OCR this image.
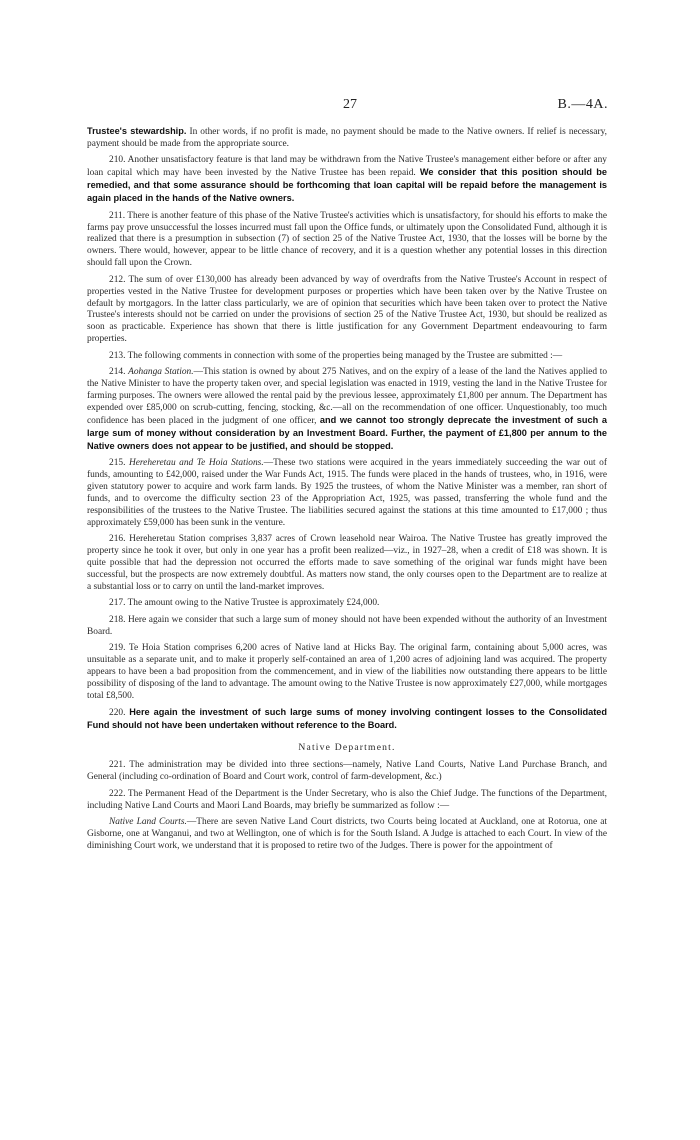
27	B.—4A.

Trustee's stewardship. In other words, if no profit is made, no payment should be made to the Native owners. If relief is necessary, payment should be made from the appropriate source.

210. Another unsatisfactory feature is that land may be withdrawn from the Native Trustee's management either before or after any loan capital which may have been invested by the Native Trustee has been repaid. We consider that this position should be remedied, and that some assurance should be forthcoming that loan capital will be repaid before the management is again placed in the hands of the Native owners.

211. There is another feature of this phase of the Native Trustee's activities which is unsatisfactory, for should his efforts to make the farms pay prove unsuccessful the losses incurred must fall upon the Office funds, or ultimately upon the Consolidated Fund, although it is realized that there is a presumption in subsection (7) of section 25 of the Native Trustee Act, 1930, that the losses will be borne by the owners. There would, however, appear to be little chance of recovery, and it is a question whether any potential losses in this direction should fall upon the Crown.

212. The sum of over £130,000 has already been advanced by way of overdrafts from the Native Trustee's Account in respect of properties vested in the Native Trustee for development purposes or properties which have been taken over by the Native Trustee on default by mortgagors. In the latter class particularly, we are of opinion that securities which have been taken over to protect the Native Trustee's interests should not be carried on under the provisions of section 25 of the Native Trustee Act, 1930, but should be realized as soon as practicable. Experience has shown that there is little justification for any Government Department endeavouring to farm properties.

213. The following comments in connection with some of the properties being managed by the Trustee are submitted :—

214. Aohanga Station.—This station is owned by about 275 Natives, and on the expiry of a lease of the land the Natives applied to the Native Minister to have the property taken over, and special legislation was enacted in 1919, vesting the land in the Native Trustee for farming purposes. The owners were allowed the rental paid by the previous lessee, approximately £1,800 per annum. The Department has expended over £85,000 on scrub-cutting, fencing, stocking, &c.—all on the recommendation of one officer. Unquestionably, too much confidence has been placed in the judgment of one officer, and we cannot too strongly deprecate the investment of such a large sum of money without consideration by an Investment Board. Further, the payment of £1,800 per annum to the Native owners does not appear to be justified, and should be stopped.

215. Hereheretau and Te Hoia Stations.—These two stations were acquired in the years immediately succeeding the war out of funds, amounting to £42,000, raised under the War Funds Act, 1915. The funds were placed in the hands of trustees, who, in 1916, were given statutory power to acquire and work farm lands. By 1925 the trustees, of whom the Native Minister was a member, ran short of funds, and to overcome the difficulty section 23 of the Appropriation Act, 1925, was passed, transferring the whole fund and the responsibilities of the trustees to the Native Trustee. The liabilities secured against the stations at this time amounted to £17,000 ; thus approximately £59,000 has been sunk in the venture.

216. Hereheretau Station comprises 3,837 acres of Crown leasehold near Wairoa. The Native Trustee has greatly improved the property since he took it over, but only in one year has a profit been realized—viz., in 1927–28, when a credit of £18 was shown. It is quite possible that had the depression not occurred the efforts made to save something of the original war funds might have been successful, but the prospects are now extremely doubtful. As matters now stand, the only courses open to the Department are to realize at a substantial loss or to carry on until the land-market improves.

217. The amount owing to the Native Trustee is approximately £24,000.

218. Here again we consider that such a large sum of money should not have been expended without the authority of an Investment Board.

219. Te Hoia Station comprises 6,200 acres of Native land at Hicks Bay. The original farm, containing about 5,000 acres, was unsuitable as a separate unit, and to make it properly self-contained an area of 1,200 acres of adjoining land was acquired. The property appears to have been a bad proposition from the commencement, and in view of the liabilities now outstanding there appears to be little possibility of disposing of the land to advantage. The amount owing to the Native Trustee is now approximately £27,000, while mortgages total £8,500.

220. Here again the investment of such large sums of money involving contingent losses to the Consolidated Fund should not have been undertaken without reference to the Board.

Native Department.

221. The administration may be divided into three sections—namely, Native Land Courts, Native Land Purchase Branch, and General (including co-ordination of Board and Court work, control of farm-development, &c.)

222. The Permanent Head of the Department is the Under Secretary, who is also the Chief Judge. The functions of the Department, including Native Land Courts and Maori Land Boards, may briefly be summarized as follow :—

Native Land Courts.—There are seven Native Land Court districts, two Courts being located at Auckland, one at Rotorua, one at Gisborne, one at Wanganui, and two at Wellington, one of which is for the South Island. A Judge is attached to each Court. In view of the diminishing Court work, we understand that it is proposed to retire two of the Judges. There is power for the appointment of
